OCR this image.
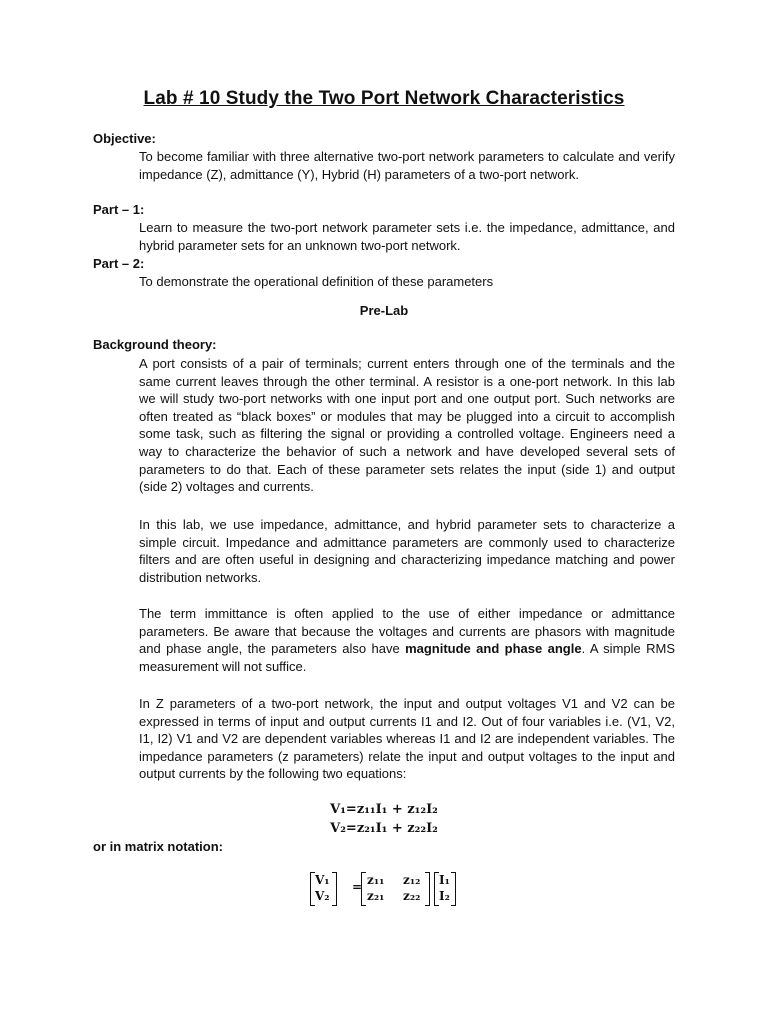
Lab # 10 Study the Two Port Network Characteristics
Objective:
To become familiar with three alternative two-port network parameters to calculate and verify impedance (Z), admittance (Y), Hybrid (H) parameters of a two-port network.
Part – 1:
Learn to measure the two-port network parameter sets i.e. the impedance, admittance, and hybrid parameter sets for an unknown two-port network.
Part – 2:
To demonstrate the operational definition of these parameters
Pre-Lab
Background theory:
A port consists of a pair of terminals; current enters through one of the terminals and the same current leaves through the other terminal. A resistor is a one-port network. In this lab we will study two-port networks with one input port and one output port. Such networks are often treated as “black boxes” or modules that may be plugged into a circuit to accomplish some task, such as filtering the signal or providing a controlled voltage. Engineers need a way to characterize the behavior of such a network and have developed several sets of parameters to do that. Each of these parameter sets relates the input (side 1) and output (side 2) voltages and currents.
In this lab, we use impedance, admittance, and hybrid parameter sets to characterize a simple circuit. Impedance and admittance parameters are commonly used to characterize filters and are often useful in designing and characterizing impedance matching and power distribution networks.
The term immittance is often applied to the use of either impedance or admittance parameters. Be aware that because the voltages and currents are phasors with magnitude and phase angle, the parameters also have magnitude and phase angle. A simple RMS measurement will not suffice.
In Z parameters of a two-port network, the input and output voltages V1 and V2 can be expressed in terms of input and output currents I1 and I2. Out of four variables i.e. (V1, V2, I1, I2) V1 and V2 are dependent variables whereas I1 and I2 are independent variables. The impedance parameters (z parameters) relate the input and output voltages to the input and output currents by the following two equations:
V₁=z₁₁I₁ + z₁₂I₂
V₂=z₂₁I₁ + z₂₂I₂
or in matrix notation:
V₁
V₂
= z₁₁ z₁₂
z₂₁ z₂₂
I₁
I₂
